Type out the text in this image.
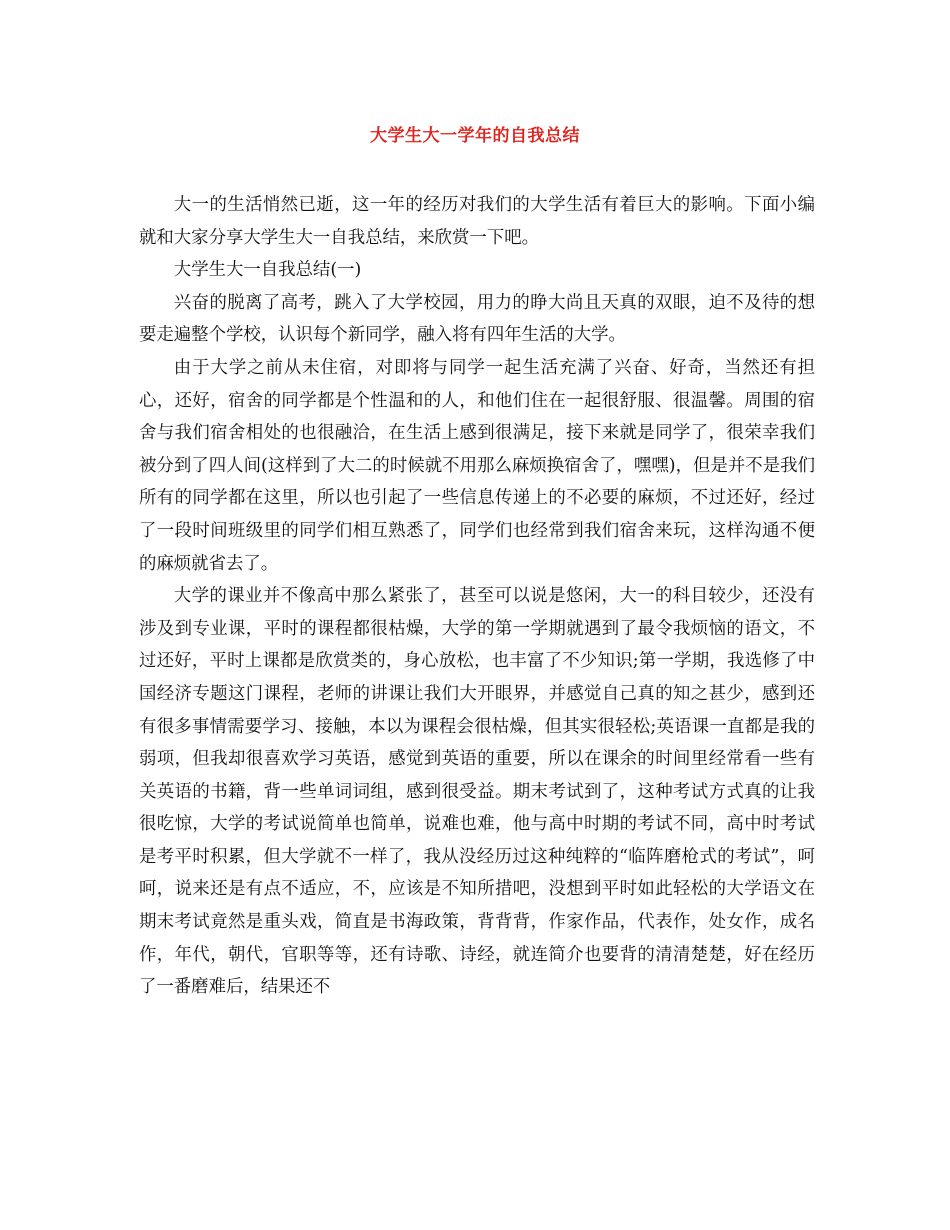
大学生大一学年的自我总结

大一的生活悄然已逝，这一年的经历对我们的大学生活有着巨大的影响。下面小编就和大家分享大学生大一自我总结，来欣赏一下吧。

大学生大一自我总结(一)

兴奋的脱离了高考，跳入了大学校园，用力的睁大尚且天真的双眼，迫不及待的想要走遍整个学校，认识每个新同学，融入将有四年生活的大学。

由于大学之前从未住宿，对即将与同学一起生活充满了兴奋、好奇，当然还有担心，还好，宿舍的同学都是个性温和的人，和他们住在一起很舒服、很温馨。周围的宿舍与我们宿舍相处的也很融洽，在生活上感到很满足，接下来就是同学了，很荣幸我们被分到了四人间(这样到了大二的时候就不用那么麻烦换宿舍了，嘿嘿)，但是并不是我们所有的同学都在这里，所以也引起了一些信息传递上的不必要的麻烦，不过还好，经过了一段时间班级里的同学们相互熟悉了，同学们也经常到我们宿舍来玩，这样沟通不便的麻烦就省去了。

大学的课业并不像高中那么紧张了，甚至可以说是悠闲，大一的科目较少，还没有涉及到专业课，平时的课程都很枯燥，大学的第一学期就遇到了最令我烦恼的语文，不过还好，平时上课都是欣赏类的，身心放松，也丰富了不少知识;第一学期，我选修了中国经济专题这门课程，老师的讲课让我们大开眼界，并感觉自己真的知之甚少，感到还有很多事情需要学习、接触，本以为课程会很枯燥，但其实很轻松;英语课一直都是我的弱项，但我却很喜欢学习英语，感觉到英语的重要，所以在课余的时间里经常看一些有关英语的书籍，背一些单词词组，感到很受益。期末考试到了，这种考试方式真的让我很吃惊，大学的考试说简单也简单，说难也难，他与高中时期的考试不同，高中时考试是考平时积累，但大学就不一样了，我从没经历过这种纯粹的“临阵磨枪式的考试”，呵呵，说来还是有点不适应，不，应该是不知所措吧，没想到平时如此轻松的大学语文在期末考试竟然是重头戏，简直是书海政策，背背背，作家作品，代表作，处女作，成名作，年代，朝代，官职等等，还有诗歌、诗经，就连简介也要背的清清楚楚，好在经历了一番磨难后，结果还不
